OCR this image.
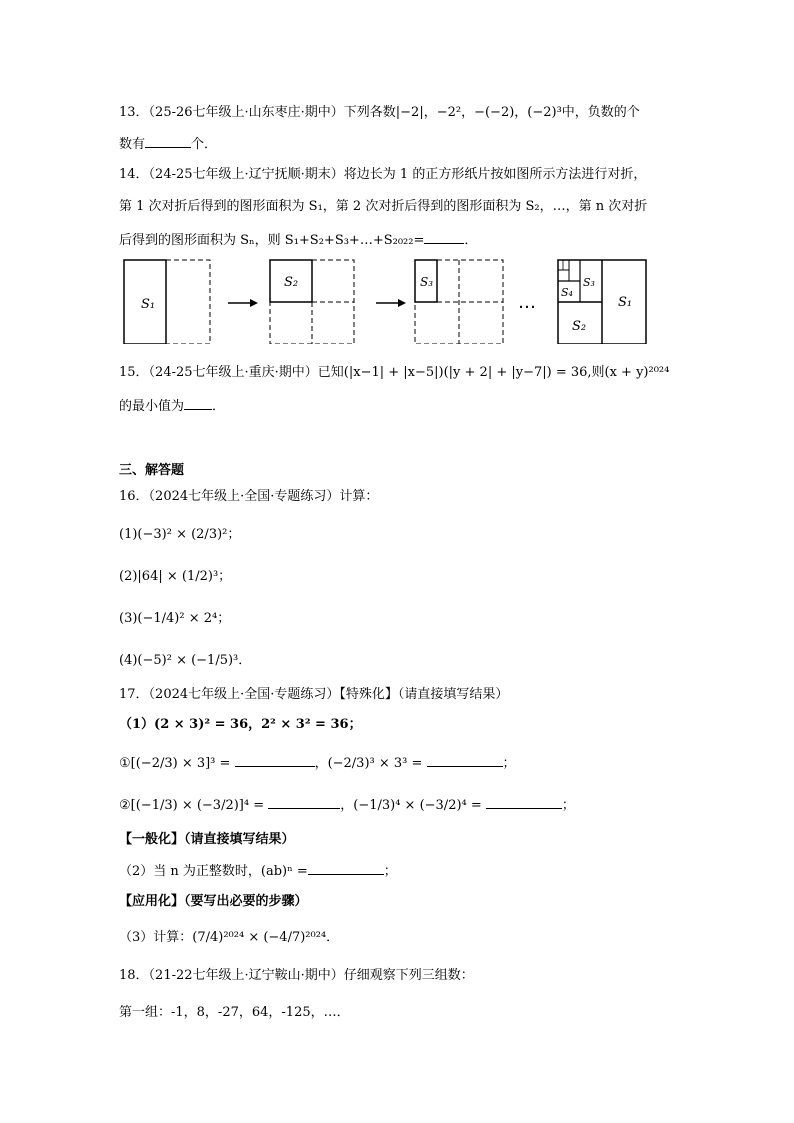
13．（25-26七年级上·山东枣庄·期中）下列各数|−2|，−2²，−(−2)，(−2)³中，负数的个
数有	个．
14．（24-25七年级上·辽宁抚顺·期末）将边长为 1 的正方形纸片按如图所示方法进行对折，
第 1 次对折后得到的图形面积为 S₁，第 2 次对折后得到的图形面积为 S₂，…，第 n 次对折
后得到的图形面积为 Sₙ，则 S₁+S₂+S₃+…+S₂₀₂₂=	．
S₁
S₂	S₃
… S₄
S₃
S₁
S₂
15．（24-25七年级上·重庆·期中）已知(|x−1| + |x−5|)(|y + 2| + |y−7|) = 36,则(x + y)²⁰²⁴
的最小值为 ．
三、解答题
16．（2024七年级上·全国·专题练习）计算：
(1)(−3)² × (2/3)²；
(2)|64| × (1/2)³；
(3)(−1/4)² × 2⁴；
(4)(−5)² × (−1/5)³．
17．（2024七年级上·全国·专题练习）【特殊化】（请直接填写结果）
（1）(2 × 3)² = 36，2² × 3² = 36；
①[(−2/3) × 3]³ =	，(−2/3)³ × 3³ =	；
②[(−1/3) × (−3/2)]⁴ =	，(−1/3)⁴ × (−3/2)⁴ =	；
【一般化】（请直接填写结果）
（2）当 n 为正整数时，(ab)ⁿ =	；
【应用化】（要写出必要的步骤）
（3）计算：(7/4)²⁰²⁴ × (−4/7)²⁰²⁴．
18．（21-22七年级上·辽宁鞍山·期中）仔细观察下列三组数：
第一组：-1，8，-27，64，-125，…．
